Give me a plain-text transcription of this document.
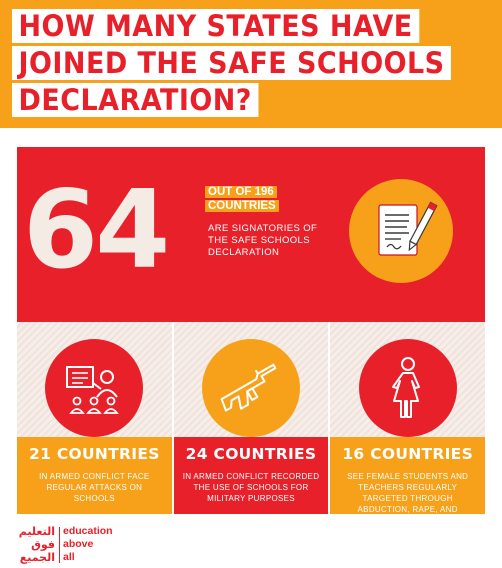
HOW MANY STATES HAVE
JOINED THE SAFE SCHOOLS
DECLARATION?
64	OUT OF 196
COUNTRIES
ARE SIGNATORIES OF THE SAFE SCHOOLS DECLARATION
21 COUNTRIES
IN ARMED CONFLICT FACE REGULAR ATTACKS ON SCHOOLS
24 COUNTRIES
IN ARMED CONFLICT RECORDED THE USE OF SCHOOLS FOR MILITARY PURPOSES
16 COUNTRIES
SEE FEMALE STUDENTS AND TEACHERS REGULARLY TARGETED THROUGH ABDUCTION, RAPE, AND HARASSMENT
التعليم
فوق
الجميع
education
above
all
